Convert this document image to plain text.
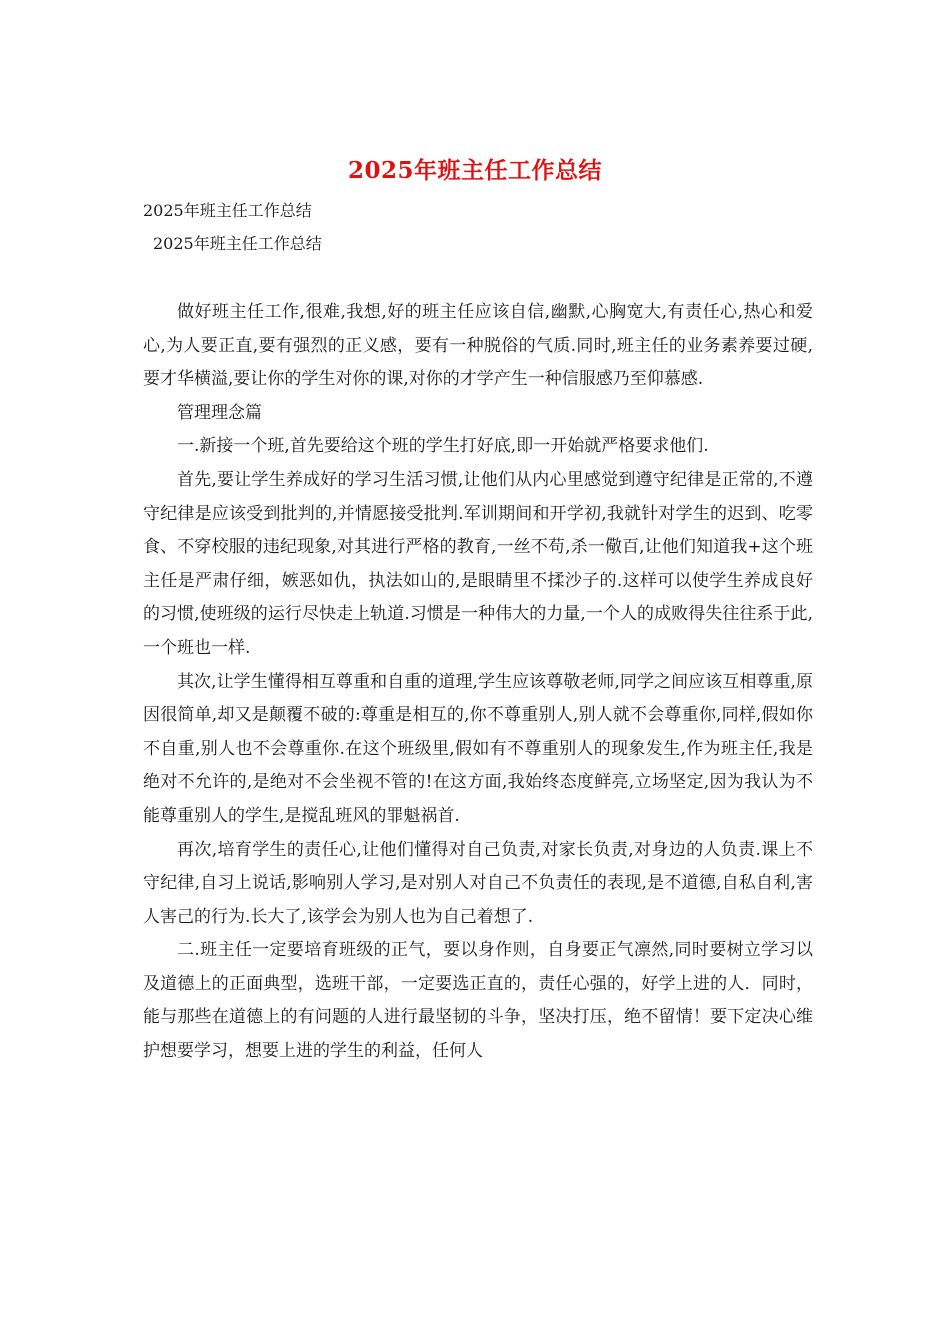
2025年班主任工作总结
2025年班主任工作总结
2025年班主任工作总结

做好班主任工作,很难,我想,好的班主任应该自信,幽默,心胸宽大,有责任心,热心和爱心,为人要正直,要有强烈的正义感，要有一种脱俗的气质.同时,班主任的业务素养要过硬,要才华横溢,要让你的学生对你的课,对你的才学产生一种信服感乃至仰慕感.

管理理念篇

一.新接一个班,首先要给这个班的学生打好底,即一开始就严格要求他们.

首先,要让学生养成好的学习生活习惯,让他们从内心里感觉到遵守纪律是正常的,不遵守纪律是应该受到批判的,并情愿接受批判.军训期间和开学初,我就针对学生的迟到、吃零食、不穿校服的违纪现象,对其进行严格的教育,一丝不苟,杀一儆百,让他们知道我+这个班主任是严肃仔细，嫉恶如仇，执法如山的,是眼睛里不揉沙子的.这样可以使学生养成良好的习惯,使班级的运行尽快走上轨道.习惯是一种伟大的力量,一个人的成败得失往往系于此,一个班也一样.

其次,让学生懂得相互尊重和自重的道理,学生应该尊敬老师,同学之间应该互相尊重,原因很简单,却又是颠覆不破的:尊重是相互的,你不尊重别人,别人就不会尊重你,同样,假如你不自重,别人也不会尊重你.在这个班级里,假如有不尊重别人的现象发生,作为班主任,我是绝对不允许的,是绝对不会坐视不管的!在这方面,我始终态度鲜亮,立场坚定,因为我认为不能尊重别人的学生,是搅乱班风的罪魁祸首.

再次,培育学生的责任心,让他们懂得对自己负责,对家长负责,对身边的人负责.课上不守纪律,自习上说话,影响别人学习,是对别人对自己不负责任的表现,是不道德,自私自利,害人害己的行为.长大了,该学会为别人也为自己着想了.

二.班主任一定要培育班级的正气，要以身作则，自身要正气凛然,同时要树立学习以及道德上的正面典型，选班干部，一定要选正直的，责任心强的，好学上进的人．同时，能与那些在道德上的有问题的人进行最坚韧的斗争，坚决打压，绝不留情！要下定决心维护想要学习，想要上进的学生的利益，任何人
